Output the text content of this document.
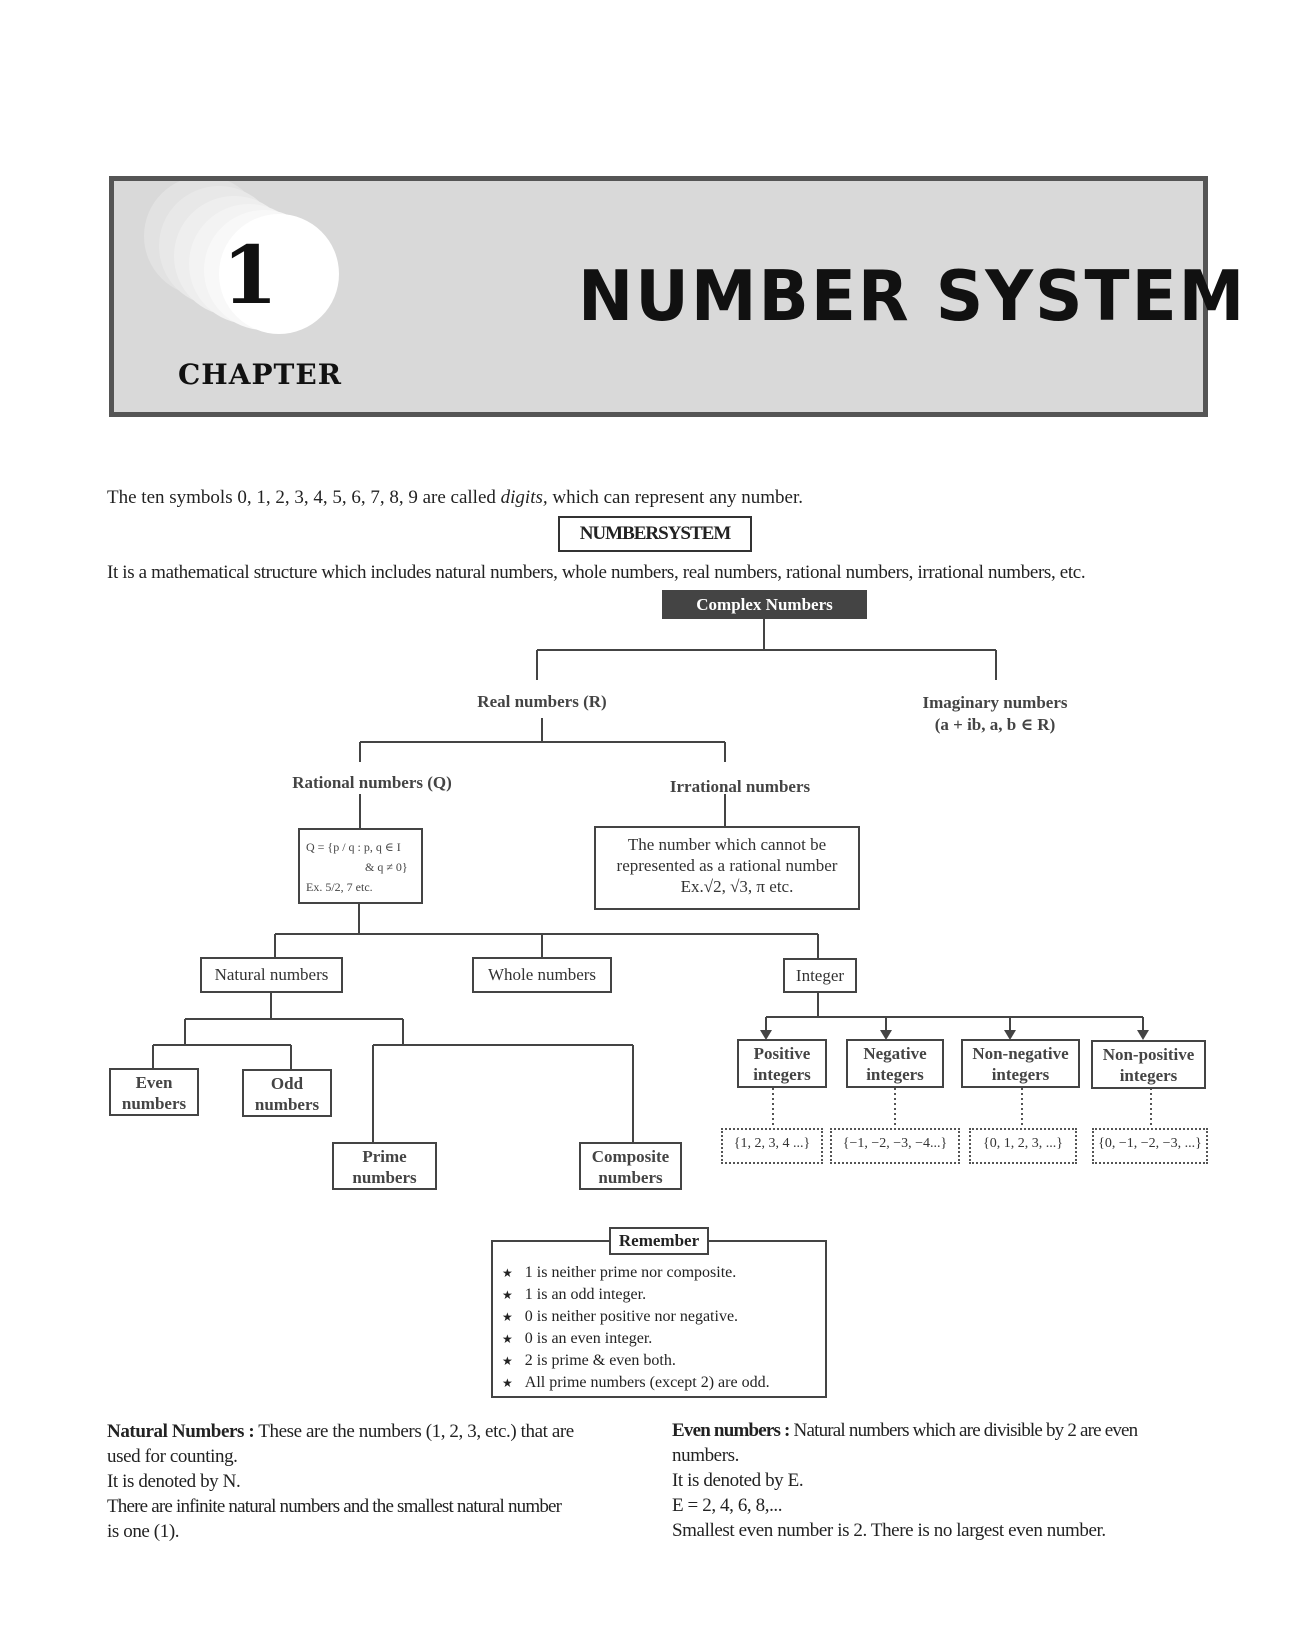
1
CHAPTER
NUMBER SYSTEM
The ten symbols 0, 1, 2, 3, 4, 5, 6, 7, 8, 9 are called digits, which can represent any number.
NUMBERSYSTEM
It is a mathematical structure which includes natural numbers, whole numbers, real numbers, rational numbers, irrational numbers, etc.
Complex Numbers
Real numbers (R)	Imaginary numbers
(a + ib, a, b ∈ R)
Rational numbers (Q)	Irrational numbers
Q = {p / q : p, q ∈ I
& q ≠ 0}
Ex. 5/2, 7 etc.
The number which cannot be
represented as a rational number
Ex.√2, √3, π etc.
Natural numbers	Whole numbers	Integer
Even
numbers
Odd
numbers
Prime
numbers
Composite
numbers
Positive
integers
Negative
integers
Non-negative
integers
Non-positive
integers
{1, 2, 3, 4 ...}	{−1, −2, −3, −4...}	{0, 1, 2, 3, ...}	{0, −1, −2, −3, ...}
Remember
★ 1 is neither prime nor composite.
★ 1 is an odd integer.
★ 0 is neither positive nor negative.
★ 0 is an even integer.
★ 2 is prime & even both.
★ All prime numbers (except 2) are odd.
Natural Numbers : These are the numbers (1, 2, 3, etc.) that are
used for counting.
It is denoted by N.
There are infinite natural numbers and the smallest natural number
is one (1).
Even numbers : Natural numbers which are divisible by 2 are even
numbers.
It is denoted by E.
E = 2, 4, 6, 8,...
Smallest even number is 2. There is no largest even number.
